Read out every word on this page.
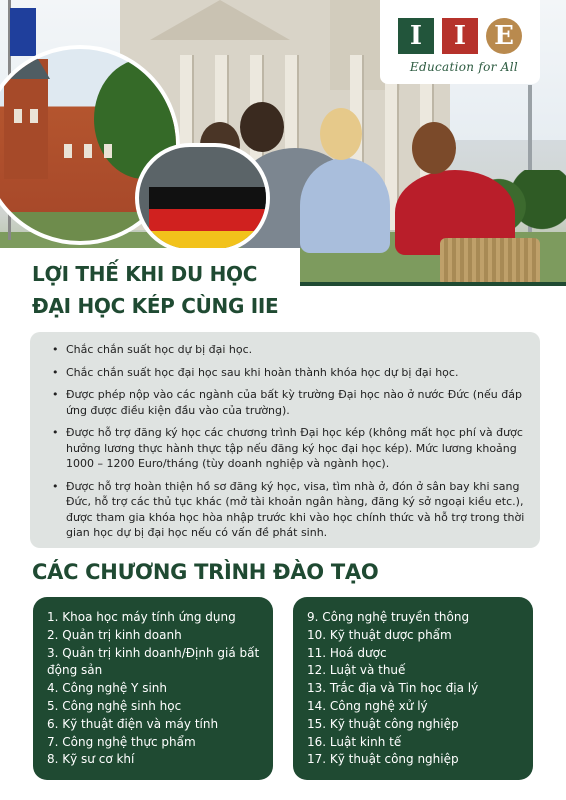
I	I	E
Education for All
LỢI THẾ KHI DU HỌC
ĐẠI HỌC KÉP CÙNG IIE
• Chắc chắn suất học dự bị đại học.
• Chắc chắn suất học đại học sau khi hoàn thành khóa học dự bị đại học.
• Được phép nộp vào các ngành của bất kỳ trường Đại học nào ở nước Đức (nếu đáp ứng được điều kiện đầu vào của trường).
• Được hỗ trợ đăng ký học các chương trình Đại học kép (không mất học phí và được hưởng lương thực hành thực tập nếu đăng ký học đại học kép). Mức lương khoảng 1000 – 1200 Euro/tháng (tùy doanh nghiệp và ngành học).
• Được hỗ trợ hoàn thiện hồ sơ đăng ký học, visa, tìm nhà ở, đón ở sân bay khi sang Đức, hỗ trợ các thủ tục khác (mở tài khoản ngân hàng, đăng ký sở ngoại kiều etc.), được tham gia khóa học hòa nhập trước khi vào học chính thức và hỗ trợ trong thời gian học dự bị đại học nếu có vấn đề phát sinh.
CÁC CHƯƠNG TRÌNH ĐÀO TẠO
1. Khoa học máy tính ứng dụng
2. Quản trị kinh doanh
3. Quản trị kinh doanh/Định giá bất động sản
4. Công nghệ Y sinh
5. Công nghệ sinh học
6. Kỹ thuật điện và máy tính
7. Công nghệ thực phẩm
8. Kỹ sư cơ khí
9. Công nghệ truyền thông
10. Kỹ thuật dược phẩm
11. Hoá dược
12. Luật và thuế
13. Trắc địa và Tin học địa lý
14. Công nghệ xử lý
15. Kỹ thuật công nghiệp
16. Luật kinh tế
17. Kỹ thuật công nghiệp
